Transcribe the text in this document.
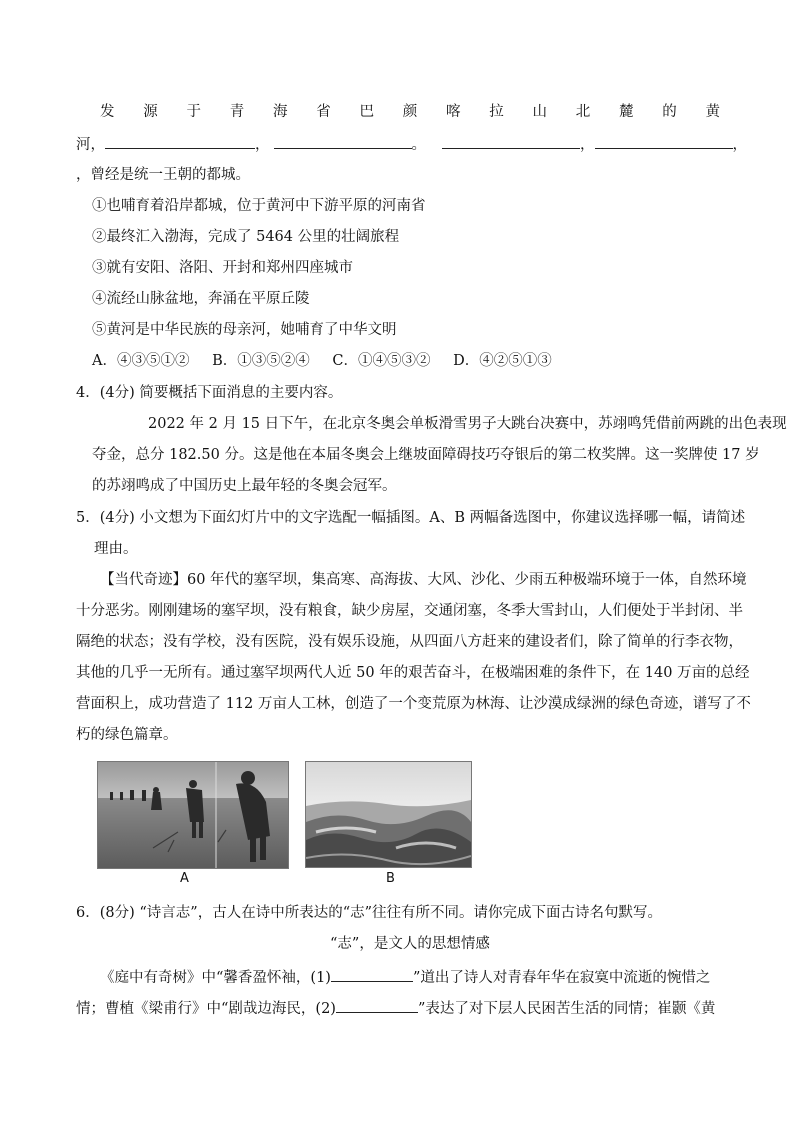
发 源 于 青 海 省 巴 颜 喀 拉 山 北 麓 的 黄
河，	，	。	，	，
，曾经是统一王朝的都城。
①也哺育着沿岸都城，位于黄河中下游平原的河南省
②最终汇入渤海，完成了 5464 公里的壮阔旅程
③就有安阳、洛阳、开封和郑州四座城市
④流经山脉盆地，奔涌在平原丘陵
⑤黄河是中华民族的母亲河，她哺育了中华文明
A．④③⑤①② B．①③⑤②④ C．①④⑤③② D．④②⑤①③
4．(4分) 简要概括下面消息的主要内容。
2022 年 2 月 15 日下午，在北京冬奥会单板滑雪男子大跳台决赛中，苏翊鸣凭借前两跳的出色表现
夺金，总分 182.50 分。这是他在本届冬奥会上继坡面障碍技巧夺银后的第二枚奖牌。这一奖牌使 17 岁
的苏翊鸣成了中国历史上最年轻的冬奥会冠军。
5．(4分) 小文想为下面幻灯片中的文字选配一幅插图。A、B 两幅备选图中，你建议选择哪一幅，请简述
理由。
【当代奇迹】60 年代的塞罕坝，集高寒、高海拔、大风、沙化、少雨五种极端环境于一体，自然环境
十分恶劣。刚刚建场的塞罕坝，没有粮食，缺少房屋，交通闭塞，冬季大雪封山，人们便处于半封闭、半
隔绝的状态；没有学校，没有医院，没有娱乐设施，从四面八方赶来的建设者们，除了简单的行李衣物，
其他的几乎一无所有。通过塞罕坝两代人近 50 年的艰苦奋斗，在极端困难的条件下，在 140 万亩的总经
营面积上，成功营造了 112 万亩人工林，创造了一个变荒原为林海、让沙漠成绿洲的绿色奇迹，谱写了不
朽的绿色篇章。
A	B
6．(8分) “诗言志”，古人在诗中所表达的“志”往往有所不同。请你完成下面古诗名句默写。
“志”，是文人的思想情感
《庭中有奇树》中“馨香盈怀袖，(1)	”道出了诗人对青春年华在寂寞中流逝的惋惜之
情；曹植《梁甫行》中“剧哉边海民，(2)	”表达了对下层人民困苦生活的同情；崔颢《黄
